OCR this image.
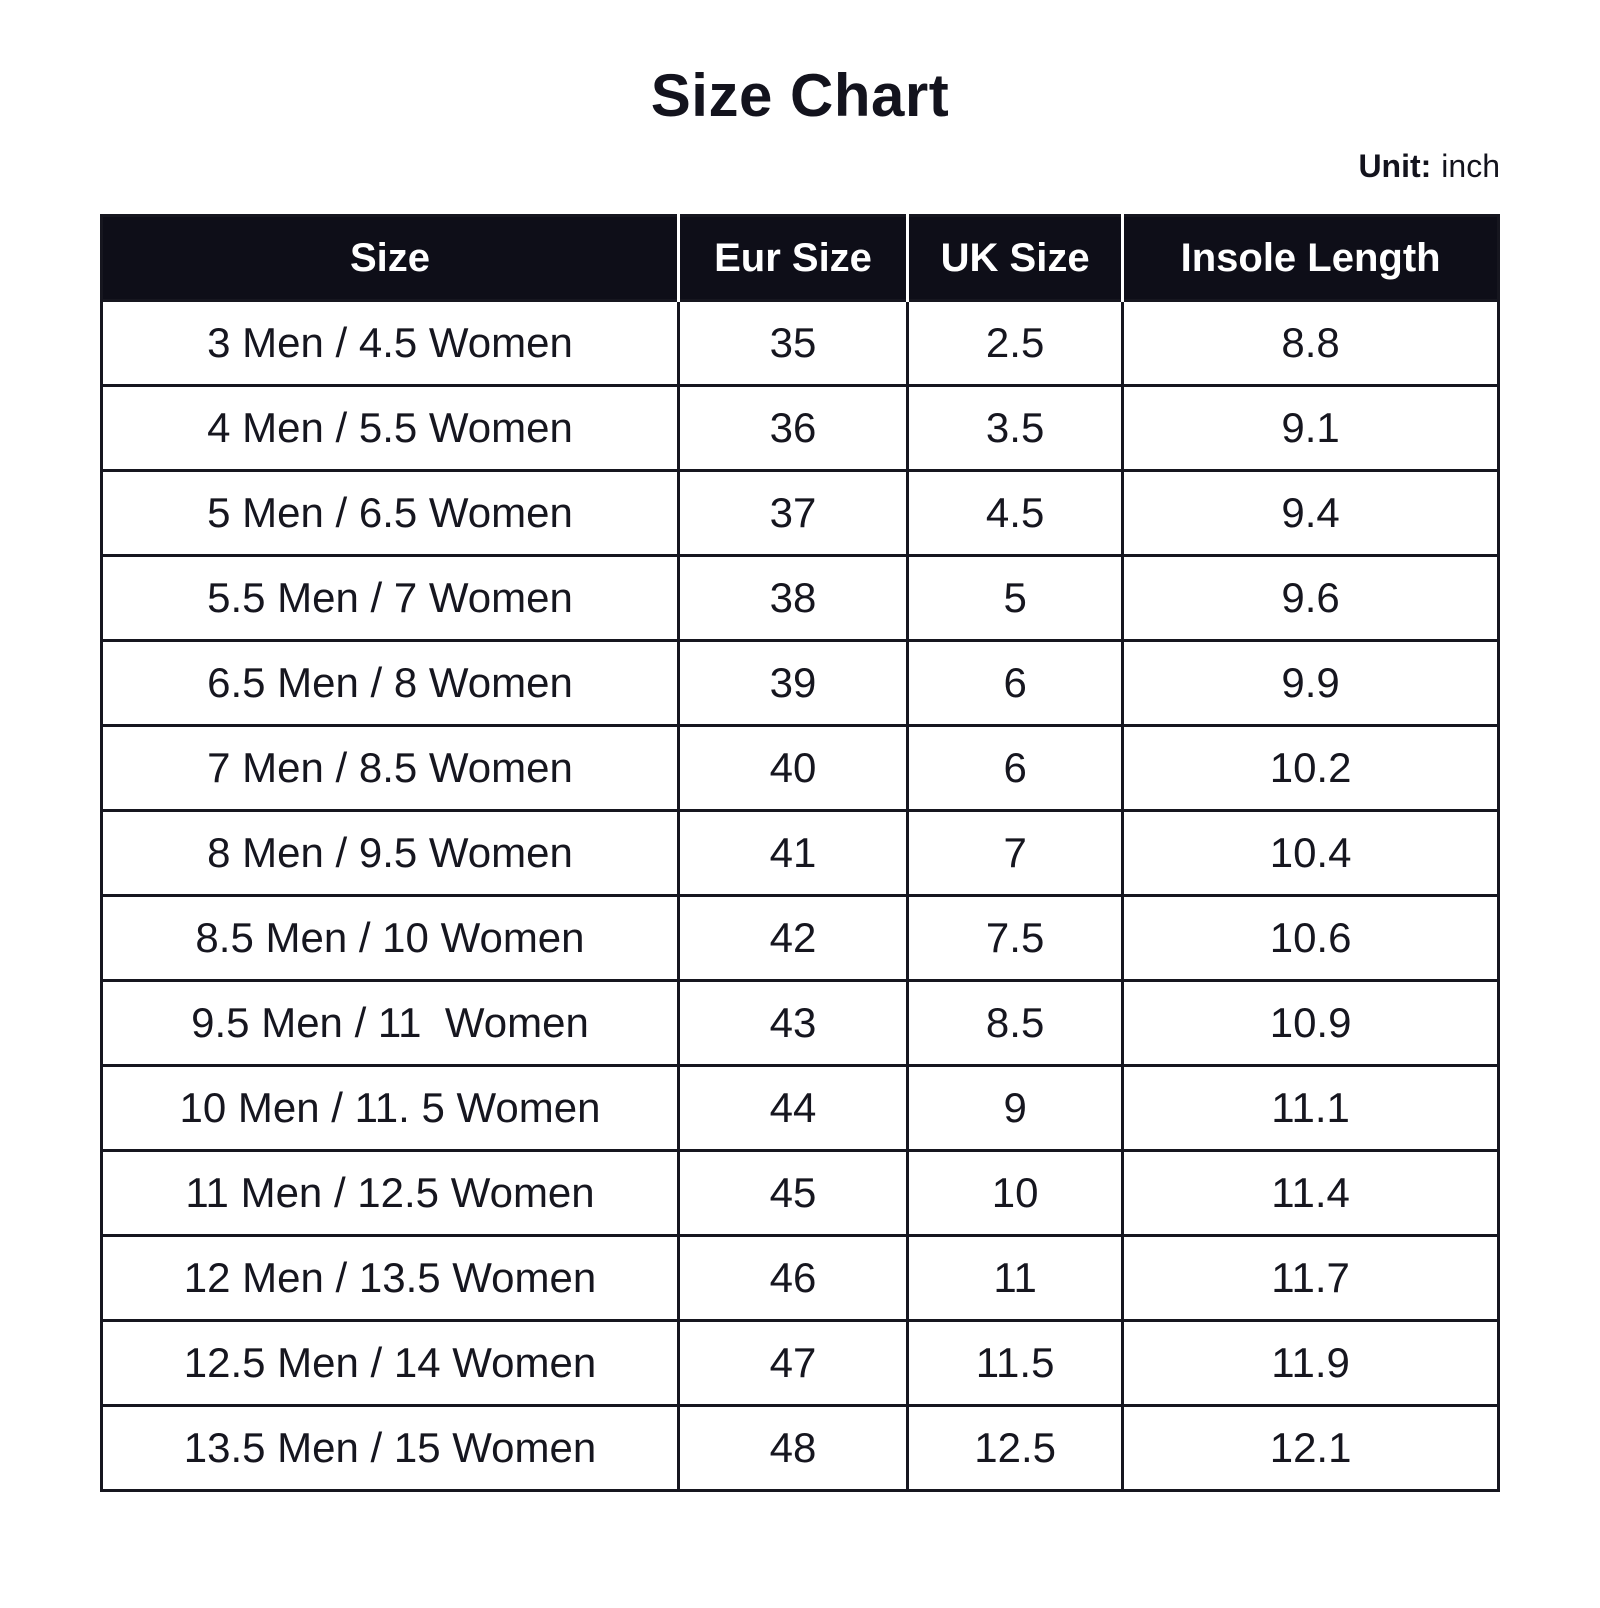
Size Chart
Unit: inch
Size	Eur Size	UK Size	Insole Length
3 Men / 4.5 Women	35	2.5	8.8
4 Men / 5.5 Women	36	3.5	9.1
5 Men / 6.5 Women	37	4.5	9.4
5.5 Men / 7 Women	38	5	9.6
6.5 Men / 8 Women	39	6	9.9
7 Men / 8.5 Women	40	6	10.2
8 Men / 9.5 Women	41	7	10.4
8.5 Men / 10 Women	42	7.5	10.6
9.5 Men / 11  Women	43	8.5	10.9
10 Men / 11. 5 Women	44	9	11.1
11 Men / 12.5 Women	45	10	11.4
12 Men / 13.5 Women	46	11	11.7
12.5 Men / 14 Women	47	11.5	11.9
13.5 Men / 15 Women	48	12.5	12.1
